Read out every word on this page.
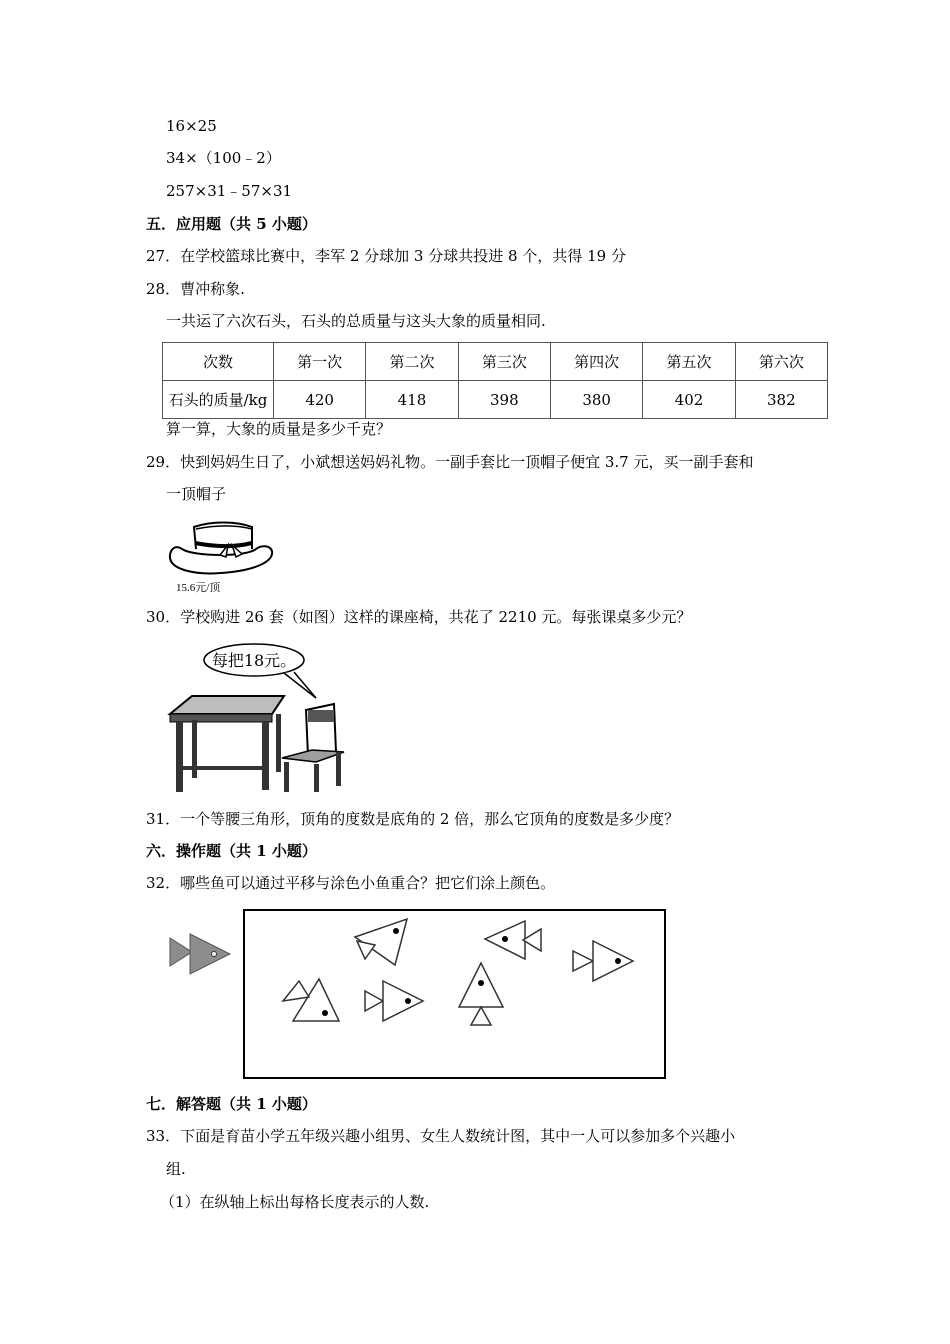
16×25
34×（100﹣2）
257×31﹣57×31
五．应用题（共 5 小题）
27．在学校篮球比赛中，李军 2 分球加 3 分球共投进 8 个，共得 19 分
28．曹冲称象.
一共运了六次石头，石头的总质量与这头大象的质量相同.
次数	第一次	第二次	第三次	第四次	第五次	第六次
石头的质量/kg	420	418	398	380	402	382
算一算，大象的质量是多少千克？
29．快到妈妈生日了，小斌想送妈妈礼物。一副手套比一顶帽子便宜 3.7 元，买一副手套和
一顶帽子
15.6元/顶
30．学校购进 26 套（如图）这样的课座椅，共花了 2210 元。每张课桌多少元？
每把18元。
31．一个等腰三角形，顶角的度数是底角的 2 倍，那么它顶角的度数是多少度？
六．操作题（共 1 小题）
32．哪些鱼可以通过平移与涂色小鱼重合？把它们涂上颜色。
七．解答题（共 1 小题）
33．下面是育苗小学五年级兴趣小组男、女生人数统计图，其中一人可以参加多个兴趣小
组.
（1）在纵轴上标出每格长度表示的人数.
